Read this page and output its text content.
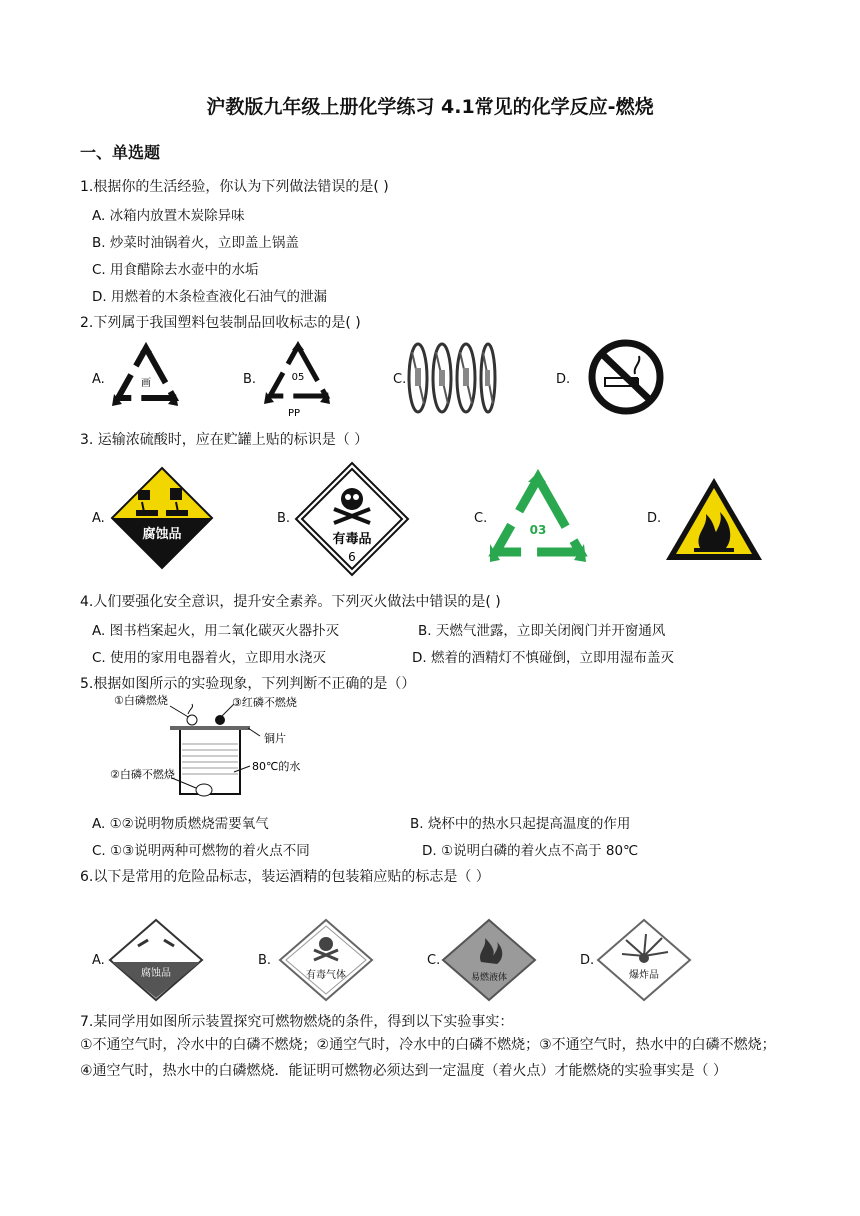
沪教版九年级上册化学练习 4.1常见的化学反应-燃烧
一、单选题
1.根据你的生活经验，你认为下列做法错误的是( )
A. 冰箱内放置木炭除异味
B. 炒菜时油锅着火，立即盖上锅盖
C. 用食醋除去水壶中的水垢
D. 用燃着的木条检查液化石油气的泄漏
2.下列属于我国塑料包装制品回收标志的是( )
A.	B.	C.	D.
画
05
PP
3. 运输浓硫酸时，应在贮罐上贴的标识是（ ）
A.	B.	C.	D.
腐蚀品	有毒品
6
03
4.人们要强化安全意识，提升安全素养。下列灭火做法中错误的是( )
A. 图书档案起火，用二氧化碳灭火器扑灭	B. 天燃气泄露，立即关闭阀门并开窗通风
C. 使用的家用电器着火，立即用水浇灭	D. 燃着的酒精灯不慎碰倒，立即用湿布盖灭
5.根据如图所示的实验现象，下列判断不正确的是（）
①白磷燃烧	③红磷不燃烧
铜片
80℃的水
②白磷不燃烧
A. ①②说明物质燃烧需要氧气	B. 烧杯中的热水只起提高温度的作用
C. ①③说明两种可燃物的着火点不同	D. ①说明白磷的着火点不高于 80℃
6.以下是常用的危险品标志，装运酒精的包装箱应贴的标志是（ ）
A.	B.	C.	D.
腐蚀品	有毒气体	易燃液体	爆炸品
7.某同学用如图所示装置探究可燃物燃烧的条件，得到以下实验事实：
①不通空气时，冷水中的白磷不燃烧；②通空气时，冷水中的白磷不燃烧；③不通空气时，热水中的白磷不燃烧；④通空气时，热水中的白磷燃烧．能证明可燃物必须达到一定温度（着火点）才能燃烧的实验事实是（ ）
